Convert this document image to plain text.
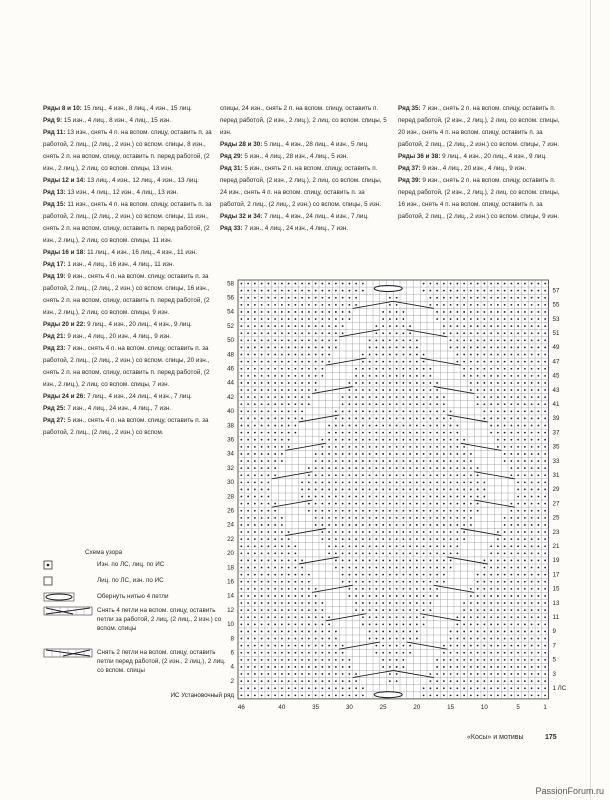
Ряды 8 и 10: 15 лиц., 4 изн., 8 лиц., 4 изн., 15 лиц.

Ряд 9: 15 изн., 4 лиц., 8 изн., 4 лиц., 15 изн.

Ряд 11: 13 изн., снять 4 п. на вспом. спицу, оставить п. за работой, 2 лиц., (2 лиц., 2 изн.) со вспом. спицы, 8 изн., снять 2 п. на вспом. спицу, оставить п. перед работой, (2 изн., 2 лиц.), 2 лиц. со вспом. спицы, 13 изн.

Ряды 12 и 14: 13 лиц., 4 изн., 12 лиц., 4 изн., 13 лиц.

Ряд 13: 13 изн., 4 лиц., 12 изн., 4 лиц., 13 изн.

Ряд 15: 11 изн., снять 4 п. на вспом. спицу, оставить п. за работой, 2 лиц., (2 лиц., 2 изн.) со вспом. спицы, 11 изн., снять 2 п. на вспом. спицу, оставить п. перед работой, (2 изн., 2 лиц.), 2 лиц. со вспом. спицы, 11 изн.

Ряды 16 и 18: 11 лиц., 4 изн., 16 лиц., 4 изн., 11 изн.

Ряд 17: 1 изн., 4 лиц., 16 изн., 4 лиц., 11 изн.

Ряд 19: 9 изн., снять 4 п. на вспом. спицу, оставить п. за работой, 2 лиц., (2 лиц., 2 изн.) со вспом. спицы, 16 изн., снять 2 п. на вспом. спицу, оставить п. перед работой, (2 изн., 2 лиц.), 2 лиц. со вспом. спицы, 9 изн.

Ряды 20 и 22: 9 лиц., 4 изн., 20 лиц., 4 изн., 9 лиц.

Ряд 21: 9 изн., 4 лиц., 20 изн., 4 лиц., 9 изн.

Ряд 23: 7 изн., снять 4 п. на вспом. спицу, оставить п. за работой, 2 лиц., (2 лиц., 2 изн.) со вспом. спицы, 20 изн., снять 2 п. на вспом. спицу, оставить п. перед работой, (2 изн., 2 лиц.), 2 лиц. со вспом. спицы, 7 изн.

Ряды 24 и 26: 7 лиц., 4 изн., 24 лиц., 4 изн., 7 лиц.

Ряд 25: 7 изн., 4 лиц., 24 изн., 4 лиц., 7 изн.

Ряд 27: 5 изн., снять 4 п. на вспом. спицу, оставить п. за работой, 2 лиц., (2 лиц., 2 изн.) со вспом.

спицы, 24 изн., снять 2 п. на вспом. спицу, оставить п. перед работой, (2 изн., 2 лиц.), 2 лиц. со вспом. спицы, 5 изн.

Ряды 28 и 30: 5 лиц., 4 изн., 28 лиц., 4 изн., 5 лиц.

Ряд 29: 5 изн., 4 лиц., 28 изн., 4 лиц., 5 изн.

Ряд 31: 5 изн., снять 2 п. на вспом. спицу, оставить п. перед работой, (2 изн., 2 лиц.), 2 лиц. со вспом. спицы, 24 изн., снять 4 п. на вспом. спицу, оставить п. за работой, 2 лиц., (2 лиц., 2 изн.) со вспом. спицы, 5 изн.

Ряды 32 и 34: 7 лиц., 4 изн., 24 лиц., 4 изн., 7 лиц.

Ряд 33: 7 изн., 4 лиц., 24 изн., 4 лиц., 7 изн.

Ряд 35: 7 изн., снять 2 п. на вспом. спицу, оставить п. перед работой, (2 изн., 2 лиц.), 2 лиц. со вспом. спицы, 20 изн., снять 4 п. на вспом. спицу, оставить п. за работой, 2 лиц., (2 лиц., 2 изн.) со вспом. спицы, 7 изн.

Ряды 36 и 38: 9 лиц., 4 изн., 20 лиц., 4 изн., 9 лиц.

Ряд 37: 9 изн., 4 лиц., 20 изн., 4 лиц., 9 изн.

Ряд 39: 9 изн., снять 2 п. на вспом. спицу, оставить п. перед работой, (2 изн., 2 лиц.), 2 лиц. со вспом. спицы, 16 изн., снять 4 п. на вспом. спицу, оставить п. за работой, 2 лиц., (2 лиц., 2 изн.) со вспом. спицы, 9 изн.

Схема узора
Изн. по ЛС, лиц. по ИС
Лиц. по ЛС, изн. по ИС
Обернуть нитью 4 петли
Снять 4 петли на вспом. спицу, оставить петли за работой, 2 лиц, (2 лиц., 2 изн.) со вспом. спицы
Снять 2 петли на вспом. спицу, оставить петли перед работой, (2 изн., 2 лиц.), 2 лиц. со вспом. спицы
58
56
54
52
50
48
46
44
42
40
38
36
34
32
30
28
26
24
22
20
18
16
14
12
10
8
6
4
2
57
55
53
51
49
47
45
43
41
39
37
35
33
31
29
27
25
23
21
19
17
15
13
11
9
7
5
3
1 ЛС
ИС Установочный ряд
46	40	35	30	25	20	15	10	5	1
«Косы» и мотивы	175
PassionForum.ru
